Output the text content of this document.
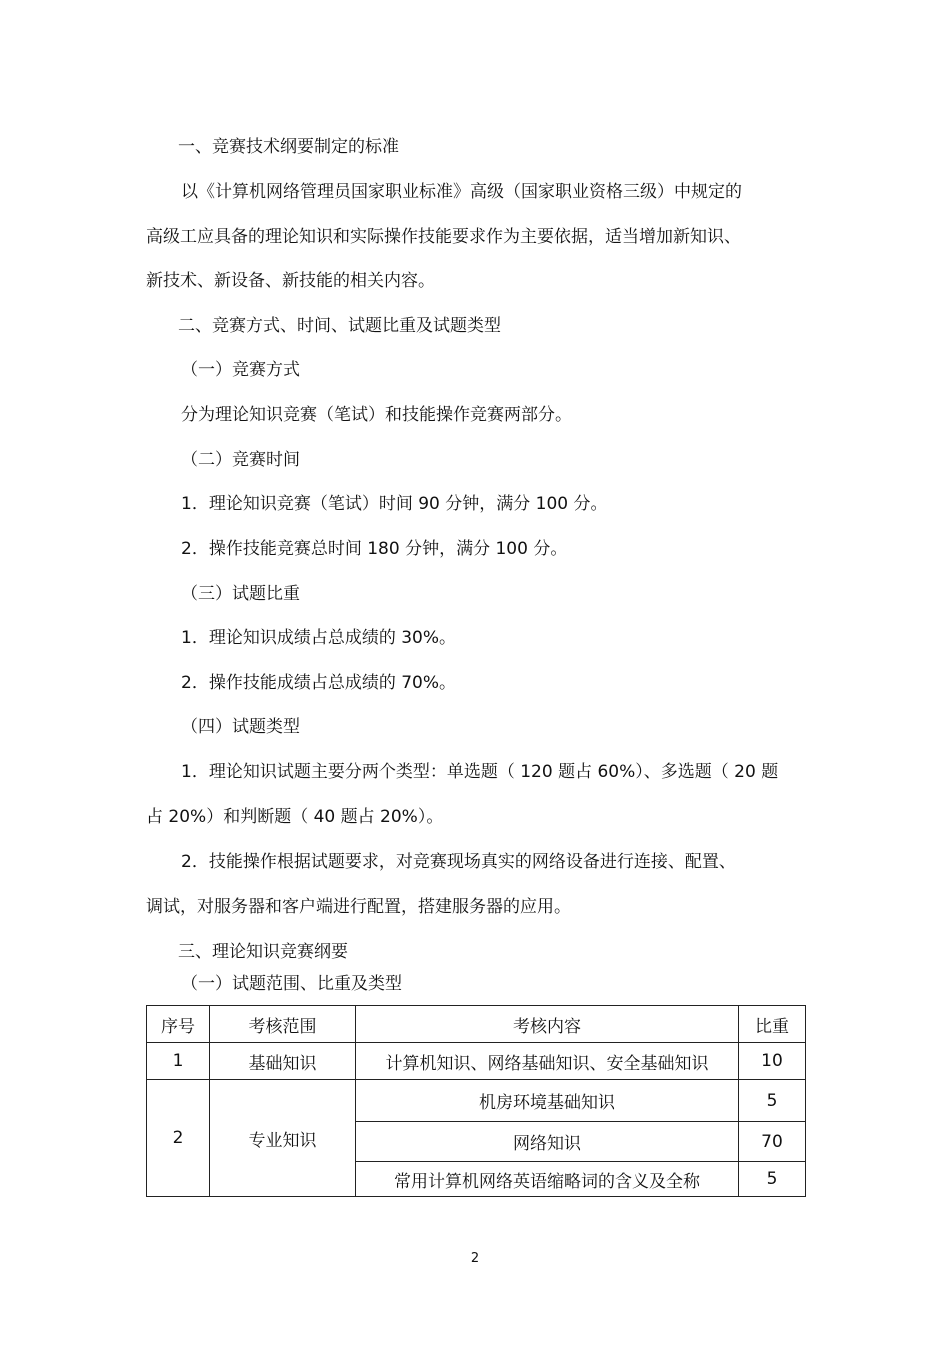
一、竞赛技术纲要制定的标准
以《计算机网络管理员国家职业标准》高级（国家职业资格三级）中规定的
高级工应具备的理论知识和实际操作技能要求作为主要依据，适当增加新知识、
新技术、新设备、新技能的相关内容。
二、竞赛方式、时间、试题比重及试题类型
（一）竞赛方式
分为理论知识竞赛（笔试）和技能操作竞赛两部分。
（二）竞赛时间
1．理论知识竞赛（笔试）时间 90 分钟，满分 100 分。
2．操作技能竞赛总时间 180 分钟，满分 100 分。
（三）试题比重
1．理论知识成绩占总成绩的 30%。
2．操作技能成绩占总成绩的 70%。
（四）试题类型
1．理论知识试题主要分两个类型：单选题（ 120 题占 60%）、多选题（ 20 题
占 20%）和判断题（ 40 题占 20%）。
2．技能操作根据试题要求，对竞赛现场真实的网络设备进行连接、配置、
调试，对服务器和客户端进行配置，搭建服务器的应用。
三、理论知识竞赛纲要
（一）试题范围、比重及类型
序号	考核范围	考核内容	比重
1	基础知识	计算机知识、网络基础知识、安全基础知识	10
2	专业知识	机房环境基础知识	5
		网络知识	70
		常用计算机网络英语缩略词的含义及全称	5
2
